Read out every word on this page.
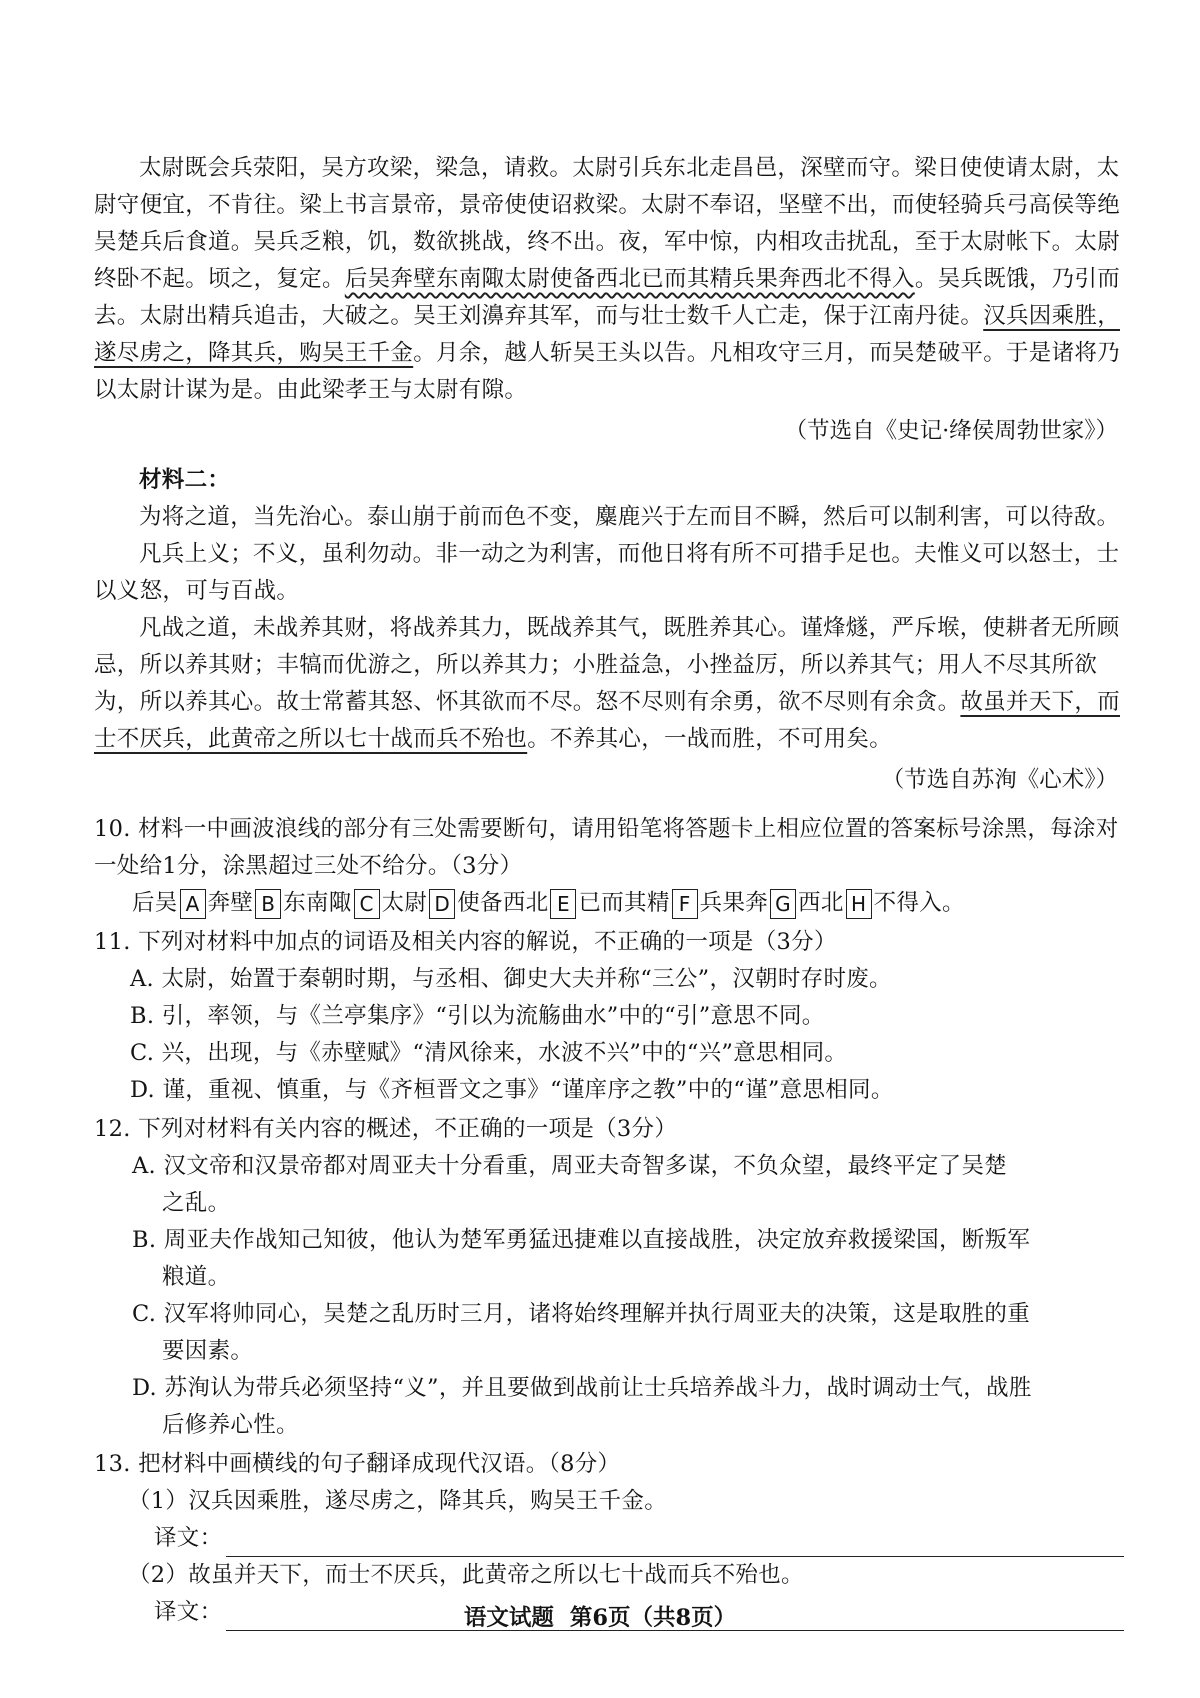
太尉既会兵荥阳，吴方攻梁，梁急，请救。太尉引兵东北走昌邑，深壁而守。梁日使使请太尉，太尉守便宜，不肯往。梁上书言景帝，景帝使使诏救梁。太尉不奉诏，坚壁不出，而使轻骑兵弓高侯等绝吴楚兵后食道。吴兵乏粮，饥，数欲挑战，终不出。夜，军中惊，内相攻击扰乱，至于太尉帐下。太尉终卧不起。顷之，复定。后吴奔壁东南陬太尉使备西北已而其精兵果奔西北不得入。吴兵既饿，乃引而去。太尉出精兵追击，大破之。吴王刘濞弃其军，而与壮士数千人亡走，保于江南丹徒。汉兵因乘胜，遂尽虏之，降其兵，购吴王千金。月余，越人斩吴王头以告。凡相攻守三月，而吴楚破平。于是诸将乃以太尉计谋为是。由此梁孝王与太尉有隙。

（节选自《史记·绛侯周勃世家》）

材料二：

为将之道，当先治心。泰山崩于前而色不变，麋鹿兴于左而目不瞬，然后可以制利害，可以待敌。

凡兵上义；不义，虽利勿动。非一动之为利害，而他日将有所不可措手足也。夫惟义可以怒士，士以义怒，可与百战。

凡战之道，未战养其财，将战养其力，既战养其气，既胜养其心。谨烽燧，严斥堠，使耕者无所顾忌，所以养其财；丰犒而优游之，所以养其力；小胜益急，小挫益厉，所以养其气；用人不尽其所欲为，所以养其心。故士常蓄其怒、怀其欲而不尽。怒不尽则有余勇，欲不尽则有余贪。故虽并天下，而士不厌兵，此黄帝之所以七十战而兵不殆也。不养其心，一战而胜，不可用矣。

（节选自苏洵《心术》）
10. 材料一中画波浪线的部分有三处需要断句，请用铅笔将答题卡上相应位置的答案标号涂黑，每涂对一处给1分，涂黑超过三处不给分。（3分）
后吴 A 奔壁 B 东南陬 C 太尉 D 使备西北 E 已而其精 F 兵果奔 G 西北 H 不得入。
11. 下列对材料中加点的词语及相关内容的解说，不正确的一项是（3分）
A. 太尉，始置于秦朝时期，与丞相、御史大夫并称“三公”，汉朝时存时废。
B. 引，率领，与《兰亭集序》“引以为流觞曲水”中的“引”意思不同。
C. 兴，出现，与《赤壁赋》“清风徐来，水波不兴”中的“兴”意思相同。
D. 谨，重视、慎重，与《齐桓晋文之事》“谨庠序之教”中的“谨”意思相同。
12. 下列对材料有关内容的概述，不正确的一项是（3分）
A. 汉文帝和汉景帝都对周亚夫十分看重，周亚夫奇智多谋，不负众望，最终平定了吴楚
之乱。
B. 周亚夫作战知己知彼，他认为楚军勇猛迅捷难以直接战胜，决定放弃救援梁国，断叛军
粮道。
C. 汉军将帅同心，吴楚之乱历时三月，诸将始终理解并执行周亚夫的决策，这是取胜的重
要因素。
D. 苏洵认为带兵必须坚持“义”，并且要做到战前让士兵培养战斗力，战时调动士气，战胜
后修养心性。
13. 把材料中画横线的句子翻译成现代汉语。（8分）
（1）汉兵因乘胜，遂尽虏之，降其兵，购吴王千金。
译文：
（2）故虽并天下，而士不厌兵，此黄帝之所以七十战而兵不殆也。
译文：	语文试题 第6页（共8页）
